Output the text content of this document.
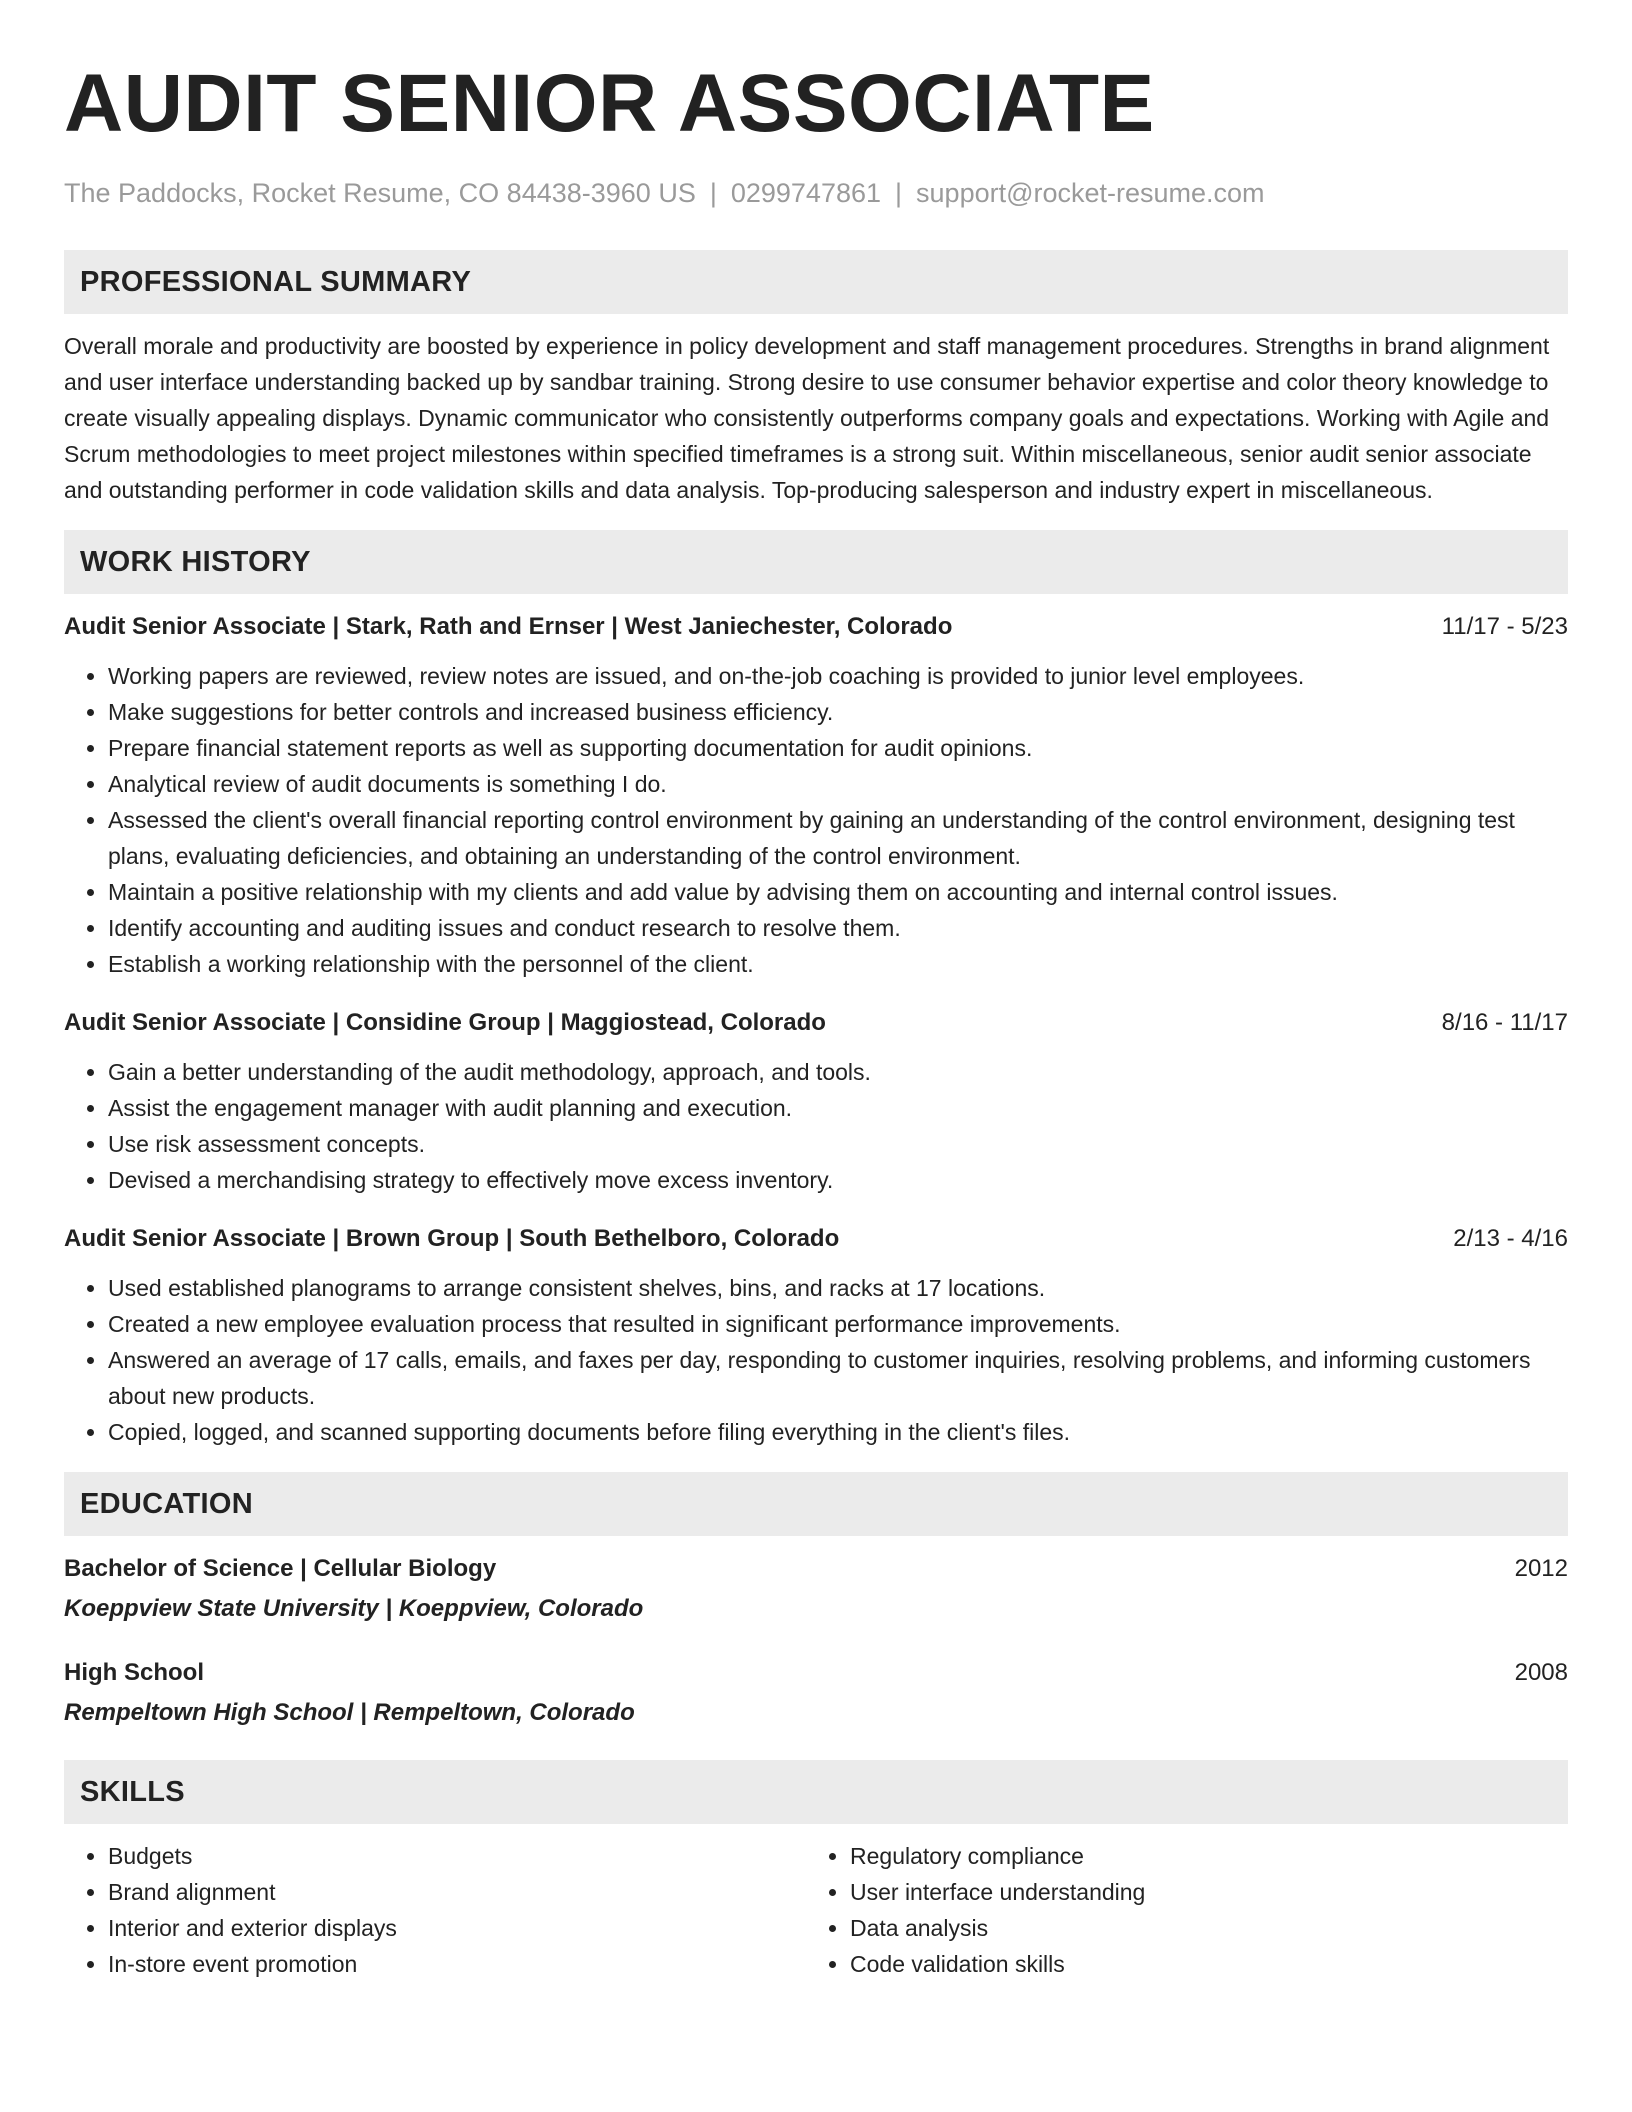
AUDIT SENIOR ASSOCIATE
The Paddocks, Rocket Resume, CO 84438-3960 US | 0299747861 | support@rocket-resume.com
PROFESSIONAL SUMMARY
Overall morale and productivity are boosted by experience in policy development and staff management procedures. Strengths in brand alignment and user interface understanding backed up by sandbar training. Strong desire to use consumer behavior expertise and color theory knowledge to create visually appealing displays. Dynamic communicator who consistently outperforms company goals and expectations. Working with Agile and Scrum methodologies to meet project milestones within specified timeframes is a strong suit. Within miscellaneous, senior audit senior associate and outstanding performer in code validation skills and data analysis. Top-producing salesperson and industry expert in miscellaneous.
WORK HISTORY
Audit Senior Associate | Stark, Rath and Ernser | West Janiechester, Colorado	11/17 - 5/23
• Working papers are reviewed, review notes are issued, and on-the-job coaching is provided to junior level employees.
• Make suggestions for better controls and increased business efficiency.
• Prepare financial statement reports as well as supporting documentation for audit opinions.
• Analytical review of audit documents is something I do.
• Assessed the client's overall financial reporting control environment by gaining an understanding of the control environment, designing test plans, evaluating deficiencies, and obtaining an understanding of the control environment.
• Maintain a positive relationship with my clients and add value by advising them on accounting and internal control issues.
• Identify accounting and auditing issues and conduct research to resolve them.
• Establish a working relationship with the personnel of the client.
Audit Senior Associate | Considine Group | Maggiostead, Colorado	8/16 - 11/17
• Gain a better understanding of the audit methodology, approach, and tools.
• Assist the engagement manager with audit planning and execution.
• Use risk assessment concepts.
• Devised a merchandising strategy to effectively move excess inventory.
Audit Senior Associate | Brown Group | South Bethelboro, Colorado	2/13 - 4/16
• Used established planograms to arrange consistent shelves, bins, and racks at 17 locations.
• Created a new employee evaluation process that resulted in significant performance improvements.
• Answered an average of 17 calls, emails, and faxes per day, responding to customer inquiries, resolving problems, and informing customers about new products.
• Copied, logged, and scanned supporting documents before filing everything in the client's files.
EDUCATION
Bachelor of Science | Cellular Biology	2012
Koeppview State University | Koeppview, Colorado
High School	2008
Rempeltown High School | Rempeltown, Colorado
SKILLS
• Budgets
• Brand alignment
• Interior and exterior displays
• In-store event promotion
• Regulatory compliance
• User interface understanding
• Data analysis
• Code validation skills
